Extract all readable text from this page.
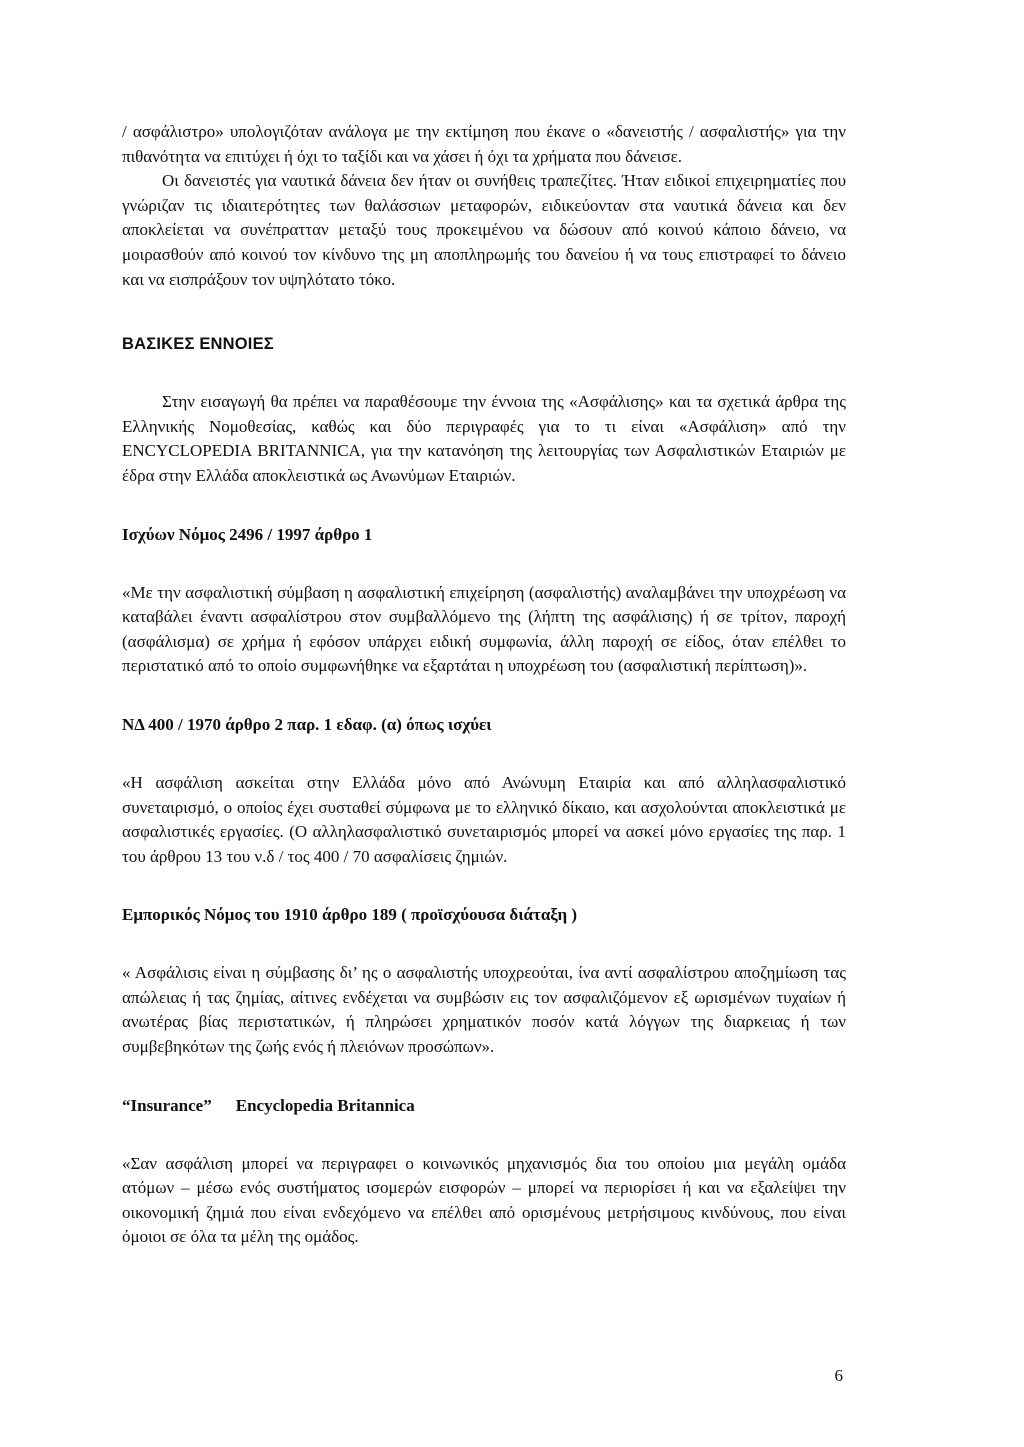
/ ασφάλιστρο» υπολογιζόταν ανάλογα με την εκτίμηση που έκανε ο «δανειστής / ασφαλιστής» για την πιθανότητα να επιτύχει ή όχι το ταξίδι και να χάσει ή όχι τα χρήματα που δάνεισε.

Οι δανειστές για ναυτικά δάνεια δεν ήταν οι συνήθεις τραπεζίτες. Ήταν ειδικοί επιχειρηματίες που γνώριζαν τις ιδιαιτερότητες των θαλάσσιων μεταφορών, ειδικεύονταν στα ναυτικά δάνεια και δεν αποκλείεται να συνέπρατταν μεταξύ τους προκειμένου να δώσουν από κοινού κάποιο δάνειο, να μοιρασθούν από κοινού τον κίνδυνο της μη αποπληρωμής του δανείου ή να τους επιστραφεί το δάνειο και να εισπράξουν τον υψηλότατο τόκο.

ΒΑΣΙΚΕΣ ΕΝΝΟΙΕΣ

Στην εισαγωγή θα πρέπει να παραθέσουμε την έννοια της «Ασφάλισης» και τα σχετικά άρθρα της Ελληνικής Νομοθεσίας, καθώς και δύο περιγραφές για το τι είναι «Ασφάλιση» από την ENCYCLOPEDIA BRITANNICA, για την κατανόηση της λειτουργίας των Ασφαλιστικών Εταιριών με έδρα στην Ελλάδα αποκλειστικά ως Ανωνύμων Εταιριών.

Ισχύων Νόμος 2496 / 1997 άρθρο 1

«Με την ασφαλιστική σύμβαση η ασφαλιστική επιχείρηση (ασφαλιστής) αναλαμβάνει την υποχρέωση να καταβάλει έναντι ασφαλίστρου στον συμβαλλόμενο της (λήπτη της ασφάλισης) ή σε τρίτον, παροχή (ασφάλισμα) σε χρήμα ή εφόσον υπάρχει ειδική συμφωνία, άλλη παροχή σε είδος, όταν επέλθει το περιστατικό από το οποίο συμφωνήθηκε να εξαρτάται η υποχρέωση του (ασφαλιστική περίπτωση)».

ΝΔ 400 / 1970 άρθρο 2 παρ. 1 εδαφ. (α) όπως ισχύει

«Η ασφάλιση ασκείται στην Ελλάδα μόνο από Ανώνυμη Εταιρία και από αλληλασφαλιστικό συνεταιρισμό, ο οποίος έχει συσταθεί σύμφωνα με το ελληνικό δίκαιο, και ασχολούνται αποκλειστικά με ασφαλιστικές εργασίες. (Ο αλληλασφαλιστικό συνεταιρισμός μπορεί να ασκεί μόνο εργασίες της παρ. 1 του άρθρου 13 του ν.δ / τος 400 / 70 ασφαλίσεις ζημιών.

Εμπορικός Νόμος του 1910 άρθρο 189 ( προϊσχύουσα διάταξη )

« Ασφάλισις είναι η σύμβασης δι’ ης ο ασφαλιστής υποχρεούται, ίνα αντί ασφαλίστρου αποζημίωση τας απώλειας ή τας ζημίας, αίτινες ενδέχεται να συμβώσιν εις τον ασφαλιζόμενον εξ ωρισμένων τυχαίων ή ανωτέρας βίας περιστατικών, ή πληρώσει χρηματικόν ποσόν κατά λόγγων της διαρκειας ή των συμβεβηκότων της ζωής ενός ή πλειόνων προσώπων».

“Insurance” Encyclopedia Britannica

«Σαν ασφάλιση μπορεί να περιγραφει ο κοινωνικός μηχανισμός δια του οποίου μια μεγάλη ομάδα ατόμων – μέσω ενός συστήματος ισομερών εισφορών – μπορεί να περιορίσει ή και να εξαλείψει την οικονομική ζημιά που είναι ενδεχόμενο να επέλθει από ορισμένους μετρήσιμους κινδύνους, που είναι όμοιοι σε όλα τα μέλη της ομάδος.

6
